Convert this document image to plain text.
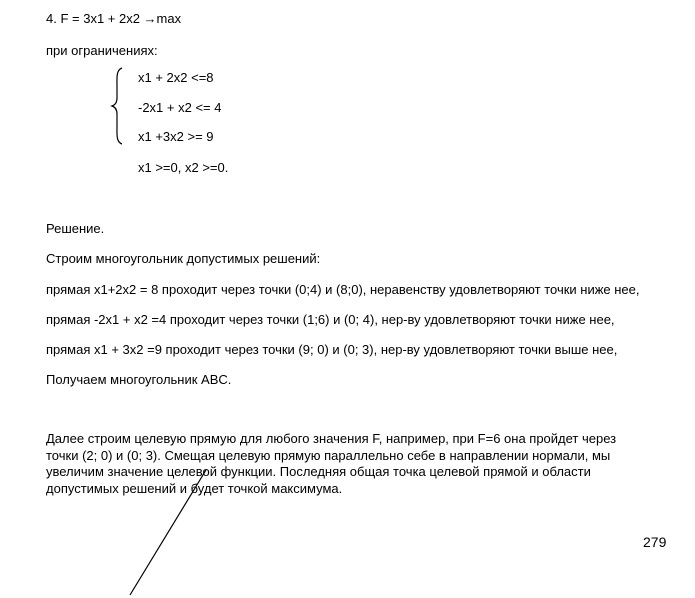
4. F = 3x1 + 2x2 →max
при ограничениях:
x1 + 2x2 <=8
-2x1 + x2 <= 4
x1 +3x2 >= 9
x1 >=0, x2 >=0.
Решение.
Строим многоугольник допустимых решений:
прямая x1+2x2 = 8 проходит через точки (0;4) и (8;0), неравенству удовлетворяют точки ниже нее,
прямая -2x1 + x2 =4 проходит через точки (1;6) и (0; 4), нер-ву удовлетворяют точки ниже нее,
прямая x1 + 3x2 =9 проходит через точки (9; 0) и (0; 3), нер-ву удовлетворяют точки выше нее,
Получаем многоугольник ABC.
Далее строим целевую прямую для любого значения F, например, при F=6 она пройдет через точки (2; 0) и (0; 3). Смещая целевую прямую параллельно себе в направлении нормали, мы увеличим значение целевой функции. Последняя общая точка целевой прямой и области допустимых решений и будет точкой максимума.
279
